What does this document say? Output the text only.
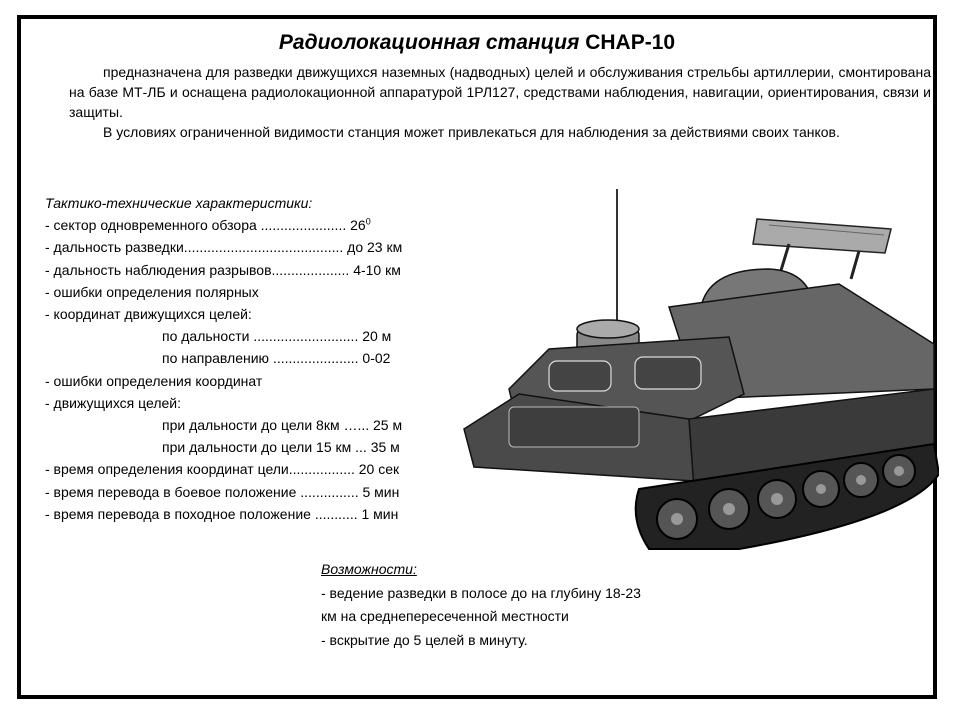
Радиолокационная станция СНАР-10

предназначена для разведки движущихся наземных (надводных) целей и обслуживания стрельбы артиллерии, смонтирована на базе МТ-ЛБ и оснащена радиолокационной аппаратурой 1РЛ127, средствами наблюдения, навигации, ориентирования, связи и защиты.

В условиях ограниченной видимости станция может привлекаться для наблюдения за действиями своих танков.

Тактико-технические характеристики:
- сектор одновременного обзора ...................... $26^0$
- дальность разведки......................................... до 23 км
- дальность наблюдения разрывов.................... 4-10 км
- ошибки определения полярных
- координат движущихся целей:
по дальности ........................... 20 м
по направлению ...................... 0-02
- ошибки определения координат
- движущихся целей:
при дальности до цели 8км …... 25 м
при дальности до цели 15 км ... 35 м
- время определения координат цели................. 20 сек
- время перевода в боевое положение ............... 5 мин
- время перевода в походное положение ........... 1 мин
Возможности:
- ведение разведки в полосе до на глубину 18-23
км на среднепересеченной местности
- вскрытие до 5 целей в минуту.
